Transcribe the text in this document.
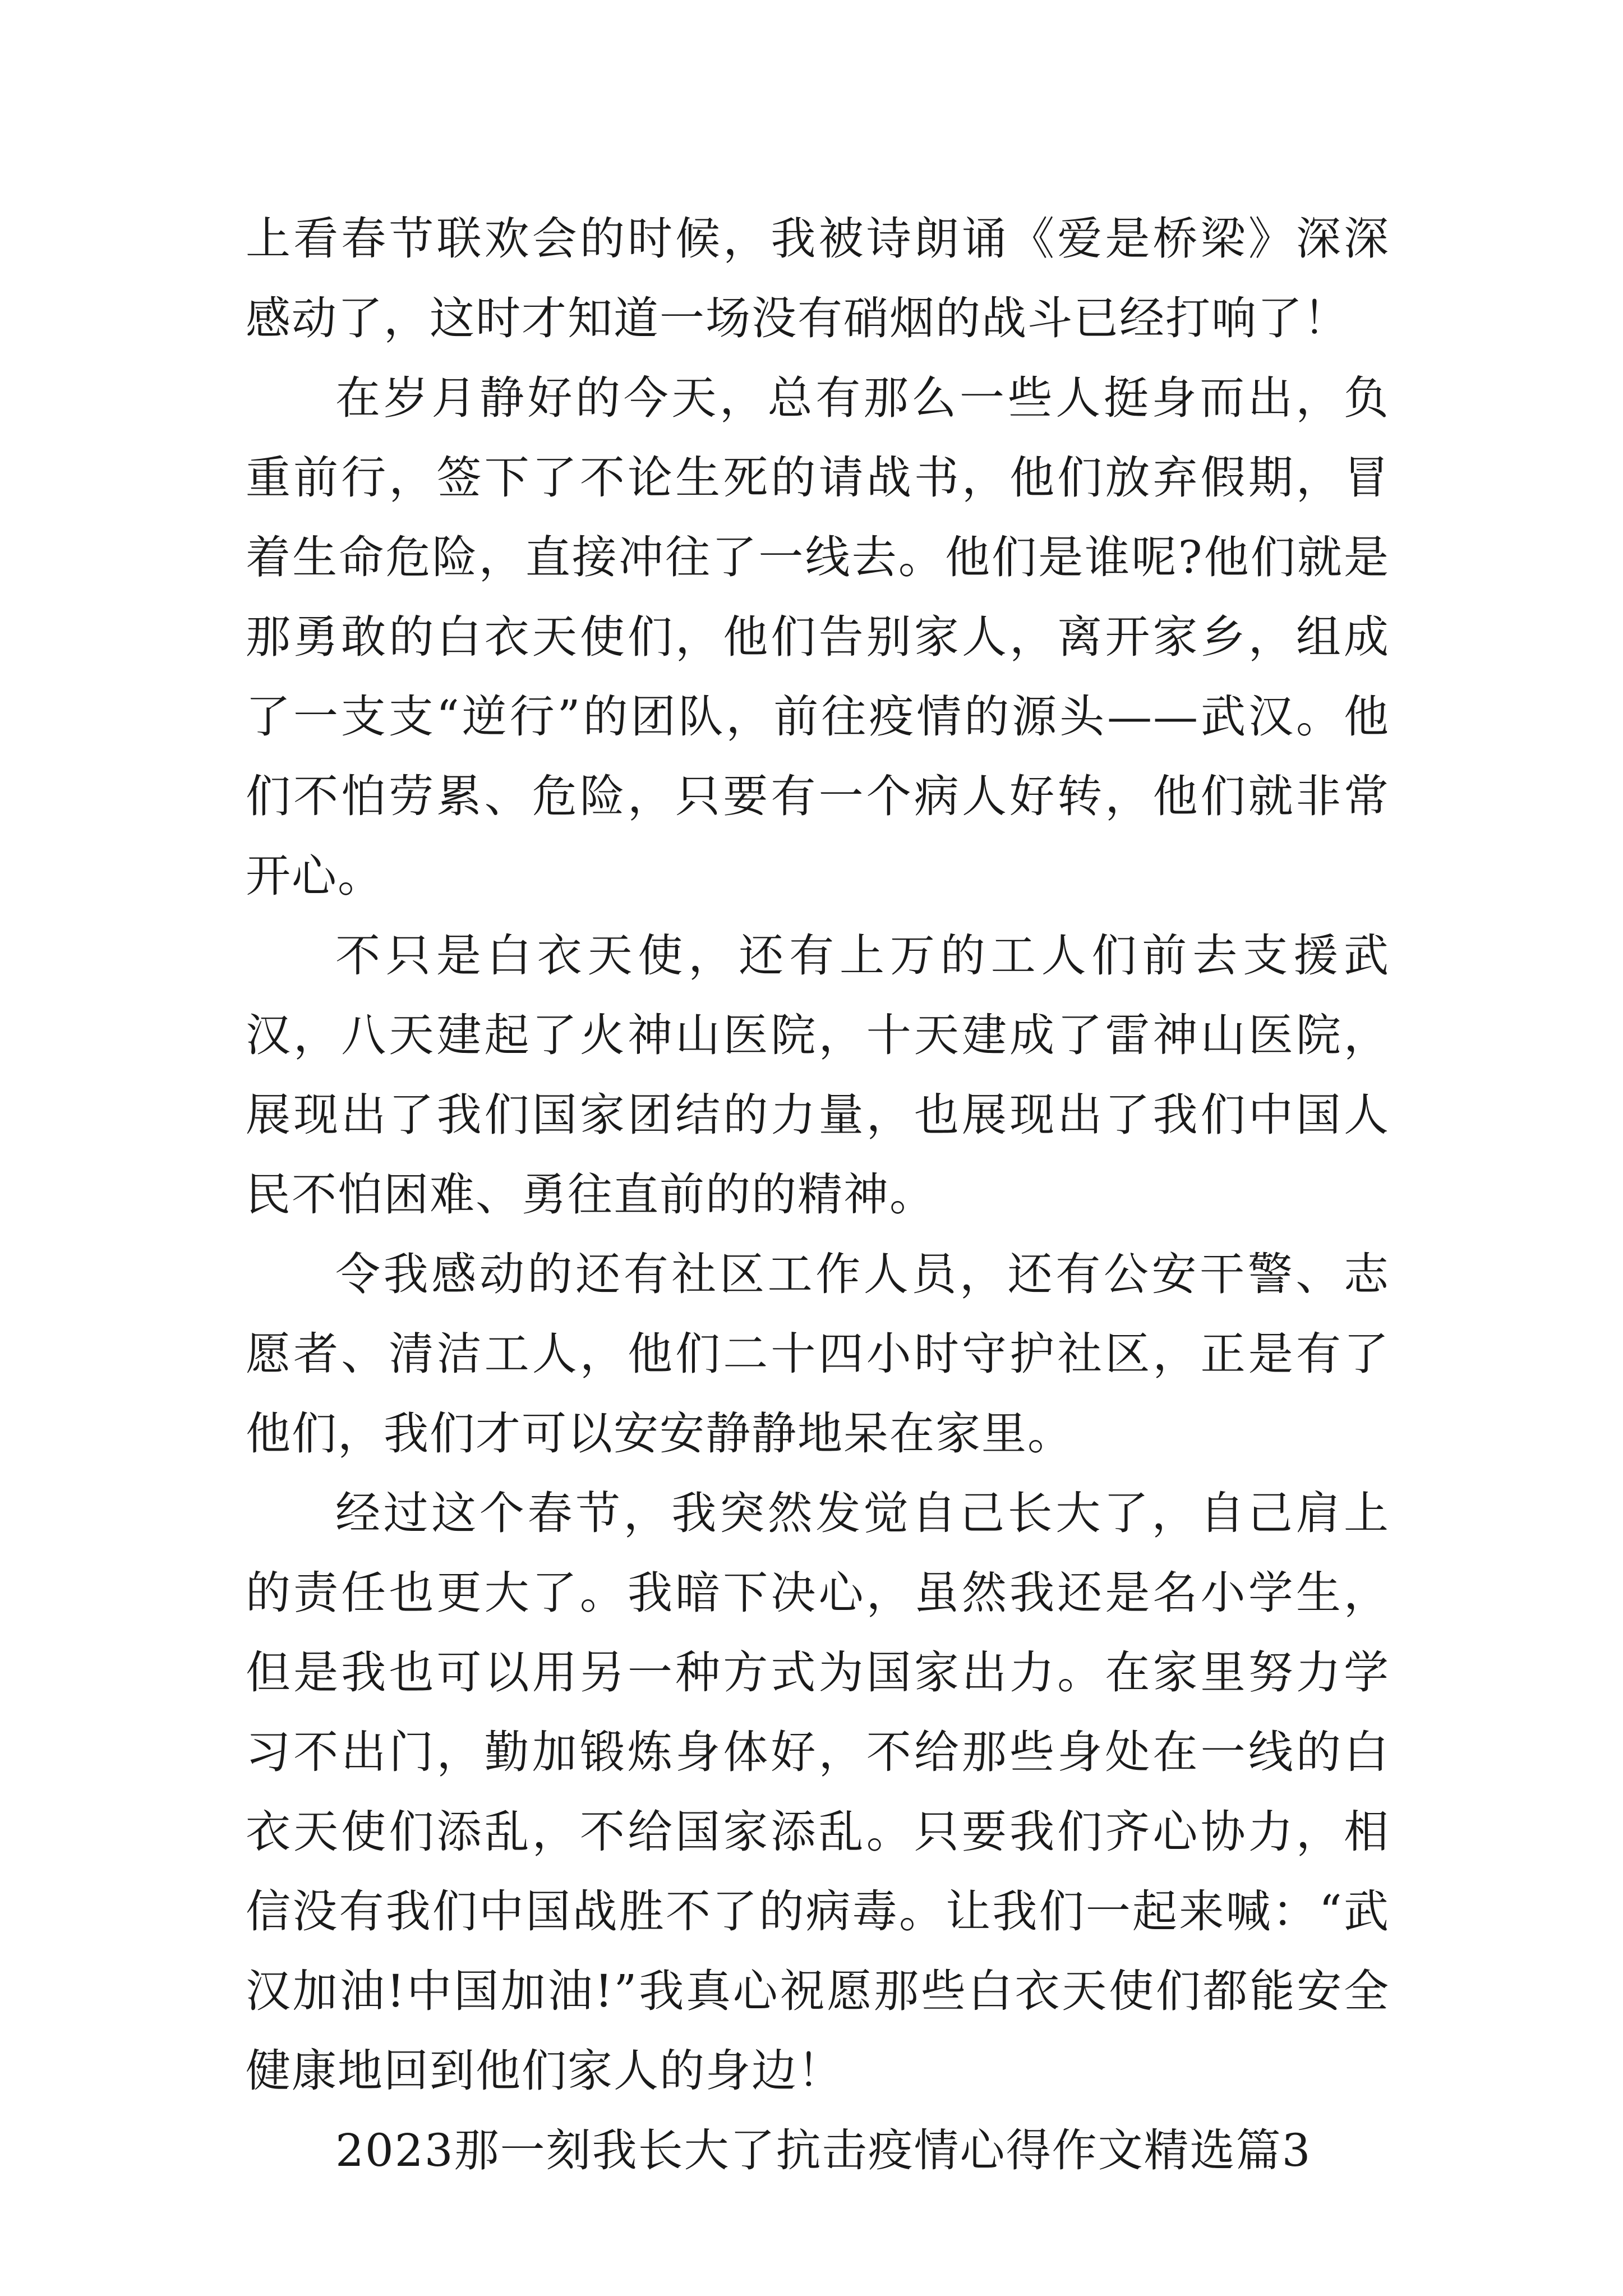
上看春节联欢会的时候，我被诗朗诵《爱是桥梁》深深感动了，这时才知道一场没有硝烟的战斗已经打响了！

在岁月静好的今天，总有那么一些人挺身而出，负重前行，签下了不论生死的请战书，他们放弃假期，冒着生命危险，直接冲往了一线去。他们是谁呢?他们就是那勇敢的白衣天使们，他们告别家人，离开家乡，组成了一支支“逆行”的团队，前往疫情的源头——武汉。他们不怕劳累、危险，只要有一个病人好转，他们就非常开心。

不只是白衣天使，还有上万的工人们前去支援武汉，八天建起了火神山医院，十天建成了雷神山医院，展现出了我们国家团结的力量，也展现出了我们中国人民不怕困难、勇往直前的的精神。

令我感动的还有社区工作人员，还有公安干警、志愿者、清洁工人，他们二十四小时守护社区，正是有了他们，我们才可以安安静静地呆在家里。

经过这个春节，我突然发觉自己长大了，自己肩上的责任也更大了。我暗下决心，虽然我还是名小学生，但是我也可以用另一种方式为国家出力。在家里努力学习不出门，勤加锻炼身体好，不给那些身处在一线的白衣天使们添乱，不给国家添乱。只要我们齐心协力，相信没有我们中国战胜不了的病毒。让我们一起来喊：“武汉加油!中国加油!”我真心祝愿那些白衣天使们都能安全健康地回到他们家人的身边！

2023那一刻我长大了抗击疫情心得作文精选篇3
